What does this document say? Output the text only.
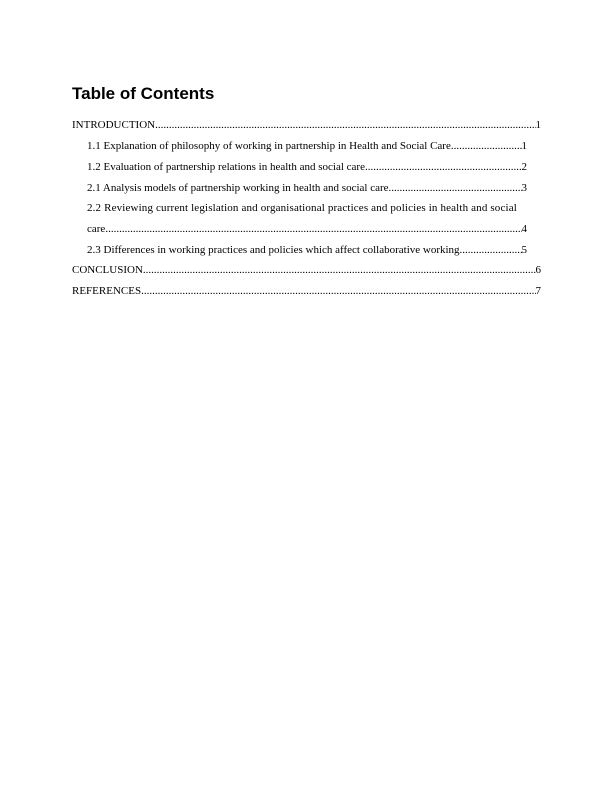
Table of Contents
INTRODUCTION .....	1
1.1 Explanation of philosophy of working in partnership in Health and Social Care .....	1
1.2 Evaluation of partnership relations in health and social care .....	2
2.1 Analysis models of partnership working in health and social care .....	3
2.2 Reviewing current legislation and organisational practices and policies in health and social
care .....	4
2.3 Differences in working practices and policies which affect collaborative working .....	5
CONCLUSION .....	6
REFERENCES .....	7
